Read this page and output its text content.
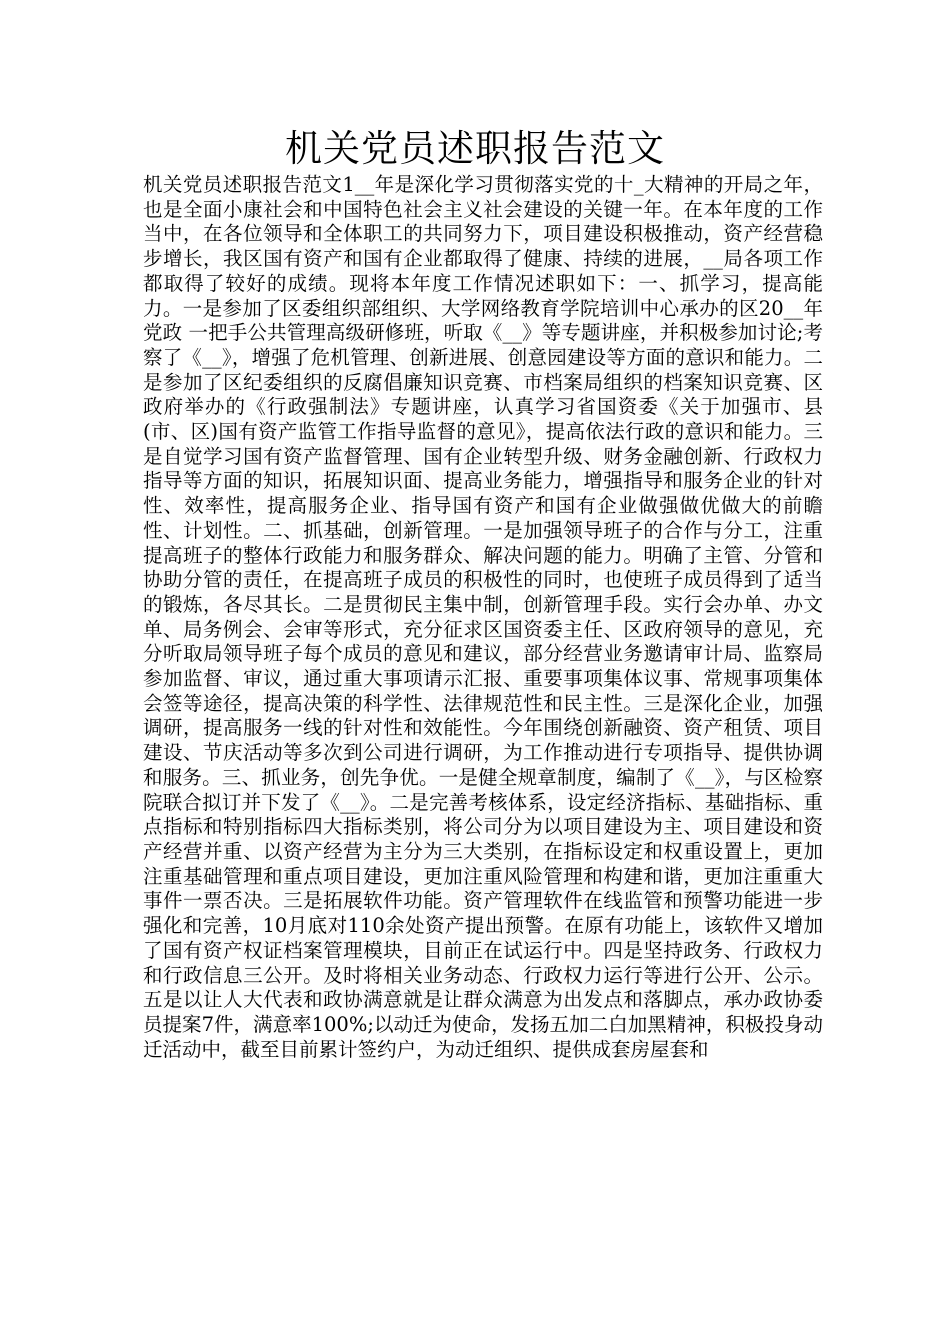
机关党员述职报告范文
机关党员述职报告范文1__年是深化学习贯彻落实党的十_大精神的开局之年，也是全面小康社会和中国特色社会主义社会建设的关键一年。在本年度的工作当中，在各位领导和全体职工的共同努力下，项目建设积极推动，资产经营稳步增长，我区国有资产和国有企业都取得了健康、持续的进展，__局各项工作都取得了较好的成绩。现将本年度工作情况述职如下：一、抓学习，提高能力。一是参加了区委组织部组织、大学网络教育学院培训中心承办的区20__年党政 一把手公共管理高级研修班，听取《__》等专题讲座，并积极参加讨论;考察了《__》，增强了危机管理、创新进展、创意园建设等方面的意识和能力。二是参加了区纪委组织的反腐倡廉知识竞赛、市档案局组织的档案知识竞赛、区政府举办的《行政强制法》专题讲座，认真学习省国资委《关于加强市、县(市、区)国有资产监管工作指导监督的意见》，提高依法行政的意识和能力。三是自觉学习国有资产监督管理、国有企业转型升级、财务金融创新、行政权力指导等方面的知识，拓展知识面、提高业务能力，增强指导和服务企业的针对性、效率性，提高服务企业、指导国有资产和国有企业做强做优做大的前瞻性、计划性。二、抓基础，创新管理。一是加强领导班子的合作与分工，注重提高班子的整体行政能力和服务群众、解决问题的能力。明确了主管、分管和协助分管的责任，在提高班子成员的积极性的同时，也使班子成员得到了适当的锻炼，各尽其长。二是贯彻民主集中制，创新管理手段。实行会办单、办文单、局务例会、会审等形式，充分征求区国资委主任、区政府领导的意见，充分听取局领导班子每个成员的意见和建议，部分经营业务邀请审计局、监察局参加监督、审议，通过重大事项请示汇报、重要事项集体议事、常规事项集体会签等途径，提高决策的科学性、法律规范性和民主性。三是深化企业，加强调研，提高服务一线的针对性和效能性。今年围绕创新融资、资产租赁、项目建设、节庆活动等多次到公司进行调研，为工作推动进行专项指导、提供协调和服务。三、抓业务，创先争优。一是健全规章制度，编制了《__》，与区检察院联合拟订并下发了《__》。二是完善考核体系，设定经济指标、基础指标、重点指标和特别指标四大指标类别，将公司分为以项目建设为主、项目建设和资产经营并重、以资产经营为主分为三大类别，在指标设定和权重设置上，更加注重基础管理和重点项目建设，更加注重风险管理和构建和谐，更加注重重大事件一票否决。三是拓展软件功能。资产管理软件在线监管和预警功能进一步强化和完善，10月底对110余处资产提出预警。在原有功能上，该软件又增加了国有资产权证档案管理模块，目前正在试运行中。四是坚持政务、行政权力和行政信息三公开。及时将相关业务动态、行政权力运行等进行公开、公示。五是以让人大代表和政协满意就是让群众满意为出发点和落脚点，承办政协委员提案7件，满意率100%;以动迁为使命，发扬五加二白加黑精神，积极投身动迁活动中，截至目前累计签约户，为动迁组织、提供成套房屋套和
